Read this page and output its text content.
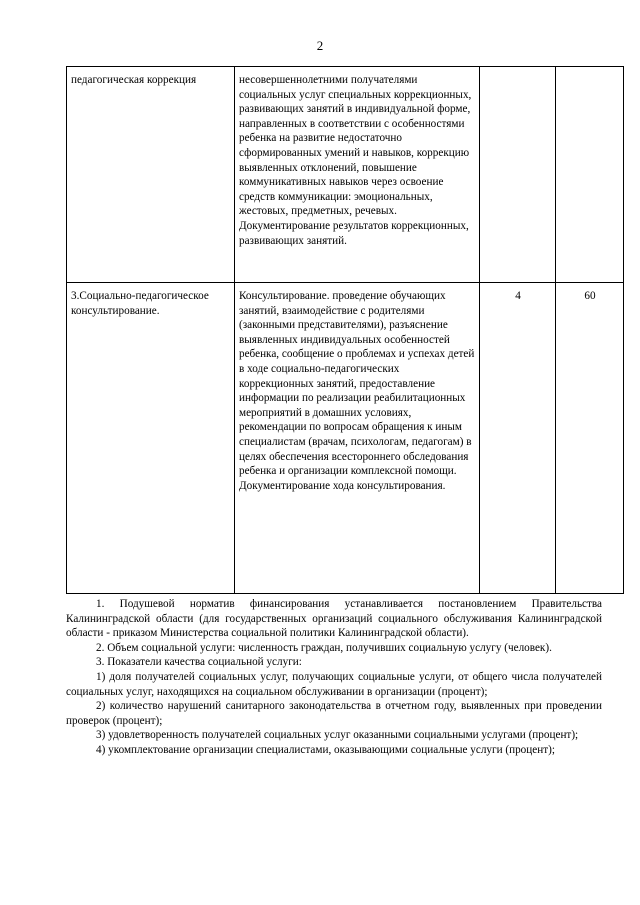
2
педагогическая коррекция	несовершеннолетними получателями социальных услуг специальных коррекционных, развивающих занятий в индивидуальной форме, направленных в соответствии с особенностями ребенка на развитие недостаточно сформированных умений и навыков, коррекцию выявленных отклонений, повышение коммуникативных навыков через освоение средств коммуникации: эмоциональных, жестовых, предметных, речевых. Документирование результатов коррекционных, развивающих занятий.		

3.Социально-педагогическое консультирование.	Консультирование. проведение обучающих занятий, взаимодействие с родителями (законными представителями), разъяснение выявленных индивидуальных особенностей ребенка, сообщение о проблемах и успехах детей в ходе социально-педагогических коррекционных занятий, предоставление информации по реализации реабилитационных мероприятий в домашних условиях, рекомендации по вопросам обращения к иным специалистам (врачам, психологам, педагогам) в целях обеспечения всестороннего обследования ребенка и организации комплексной помощи. Документирование хода консультирования.	4	60

1. Подушевой норматив финансирования устанавливается постановлением Правительства Калининградской области (для государственных организаций социального обслуживания Калининградской области - приказом Министерства социальной политики Калининградской области).

2. Объем социальной услуги: численность граждан, получивших социальную услугу (человек).

3. Показатели качества социальной услуги:

1) доля получателей социальных услуг, получающих социальные услуги, от общего числа получателей социальных услуг, находящихся на социальном обслуживании в организации (процент);

2) количество нарушений санитарного законодательства в отчетном году, выявленных при проведении проверок (процент);

3) удовлетворенность получателей социальных услуг оказанными социальными услугами (процент);

4) укомплектование организации специалистами, оказывающими социальные услуги (процент);
